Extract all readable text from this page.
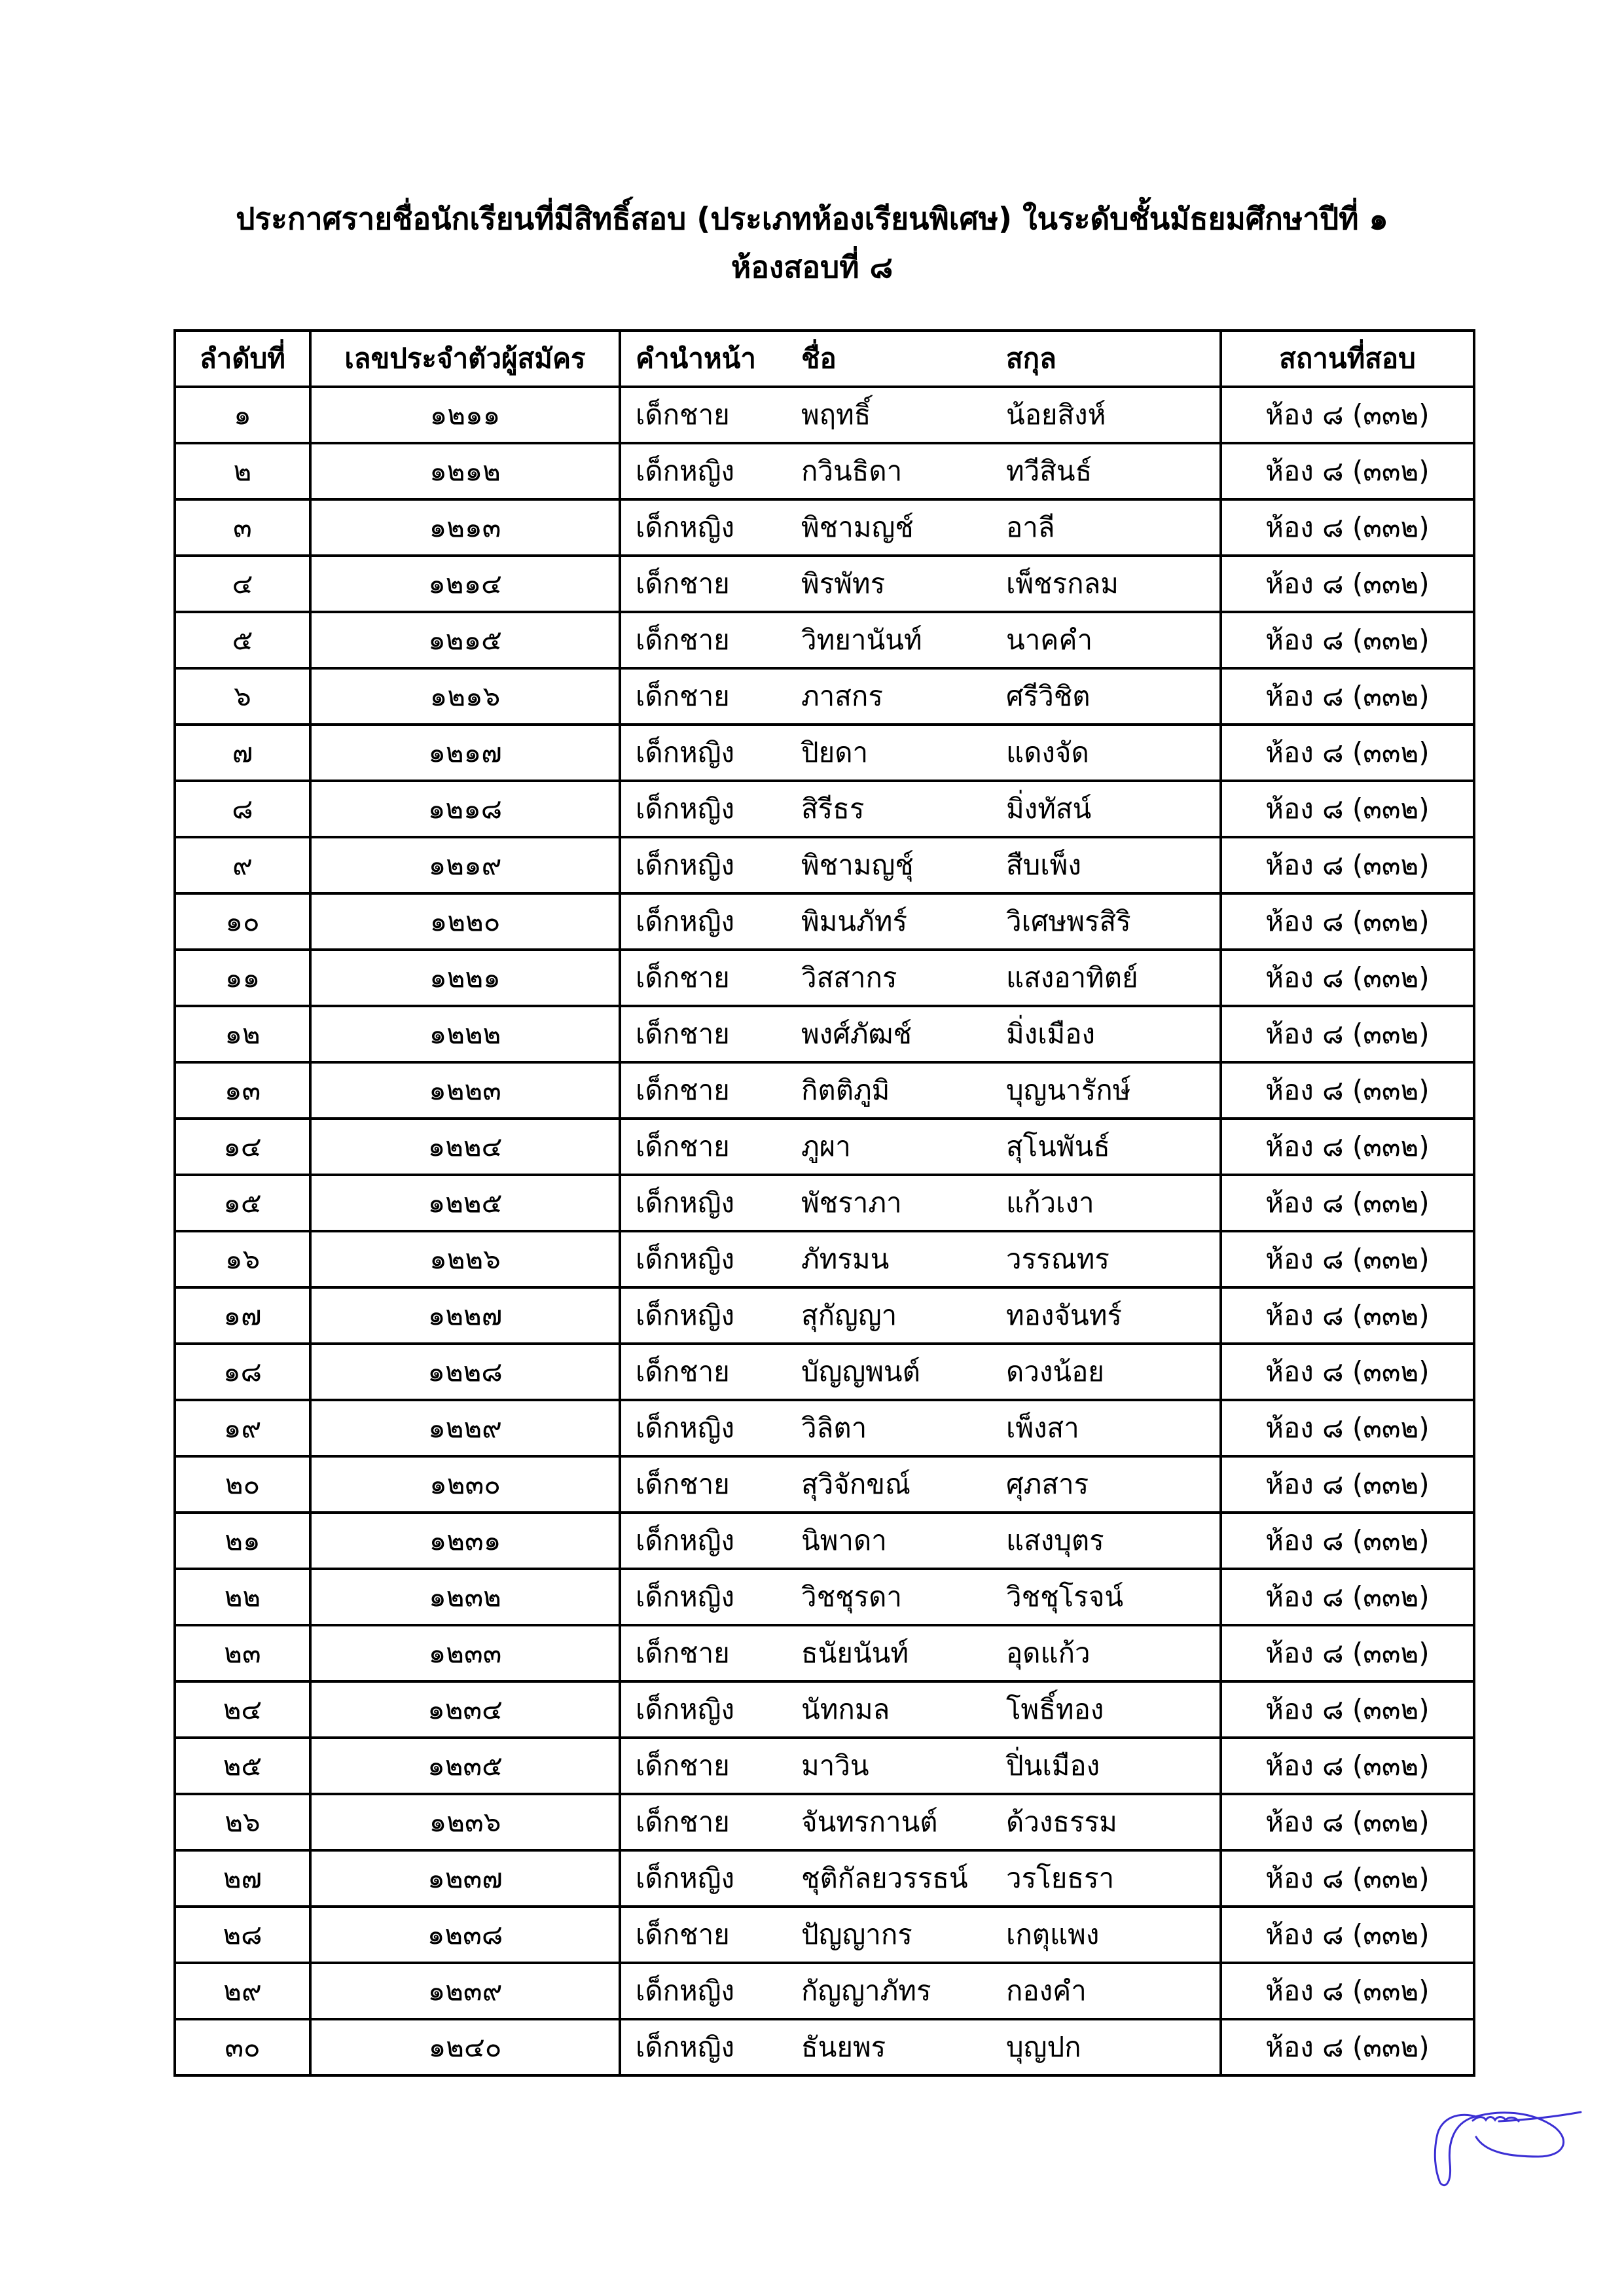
ประกาศรายชื่อนักเรียนที่มีสิทธิ์สอบ (ประเภทห้องเรียนพิเศษ) ในระดับชั้นมัธยมศึกษาปีที่ ๑
ห้องสอบที่ ๘
ลำดับที่	เลขประจำตัวผู้สมัคร	คำนำหน้า ชื่อ สกุล	สถานที่สอบ
๑	๑๒๑๑	เด็กชาย พฤทธิ์ น้อยสิงห์	ห้อง ๘ (๓๓๒)
๒	๑๒๑๒	เด็กหญิง กวินธิดา ทวีสินธ์	ห้อง ๘ (๓๓๒)
๓	๑๒๑๓	เด็กหญิง พิชามญช์ อาลี	ห้อง ๘ (๓๓๒)
๔	๑๒๑๔	เด็กชาย พิรพัทร เพ็ชรกลม	ห้อง ๘ (๓๓๒)
๕	๑๒๑๕	เด็กชาย วิทยานันท์ นาคคำ	ห้อง ๘ (๓๓๒)
๖	๑๒๑๖	เด็กชาย ภาสกร ศรีวิชิต	ห้อง ๘ (๓๓๒)
๗	๑๒๑๗	เด็กหญิง ปิยดา แดงจัด	ห้อง ๘ (๓๓๒)
๘	๑๒๑๘	เด็กหญิง สิรีธร มิ่งทัสน์	ห้อง ๘ (๓๓๒)
๙	๑๒๑๙	เด็กหญิง พิชามญชุ์ สืบเพ็ง	ห้อง ๘ (๓๓๒)
๑๐	๑๒๒๐	เด็กหญิง พิมนภัทร์ วิเศษพรสิริ	ห้อง ๘ (๓๓๒)
๑๑	๑๒๒๑	เด็กชาย วิสสากร แสงอาทิตย์	ห้อง ๘ (๓๓๒)
๑๒	๑๒๒๒	เด็กชาย พงศ์ภัฒช์ มิ่งเมือง	ห้อง ๘ (๓๓๒)
๑๓	๑๒๒๓	เด็กชาย กิตติภูมิ บุญนารักษ์	ห้อง ๘ (๓๓๒)
๑๔	๑๒๒๔	เด็กชาย ภูผา สุโนพันธ์	ห้อง ๘ (๓๓๒)
๑๕	๑๒๒๕	เด็กหญิง พัชราภา แก้วเงา	ห้อง ๘ (๓๓๒)
๑๖	๑๒๒๖	เด็กหญิง ภัทรมน วรรณทร	ห้อง ๘ (๓๓๒)
๑๗	๑๒๒๗	เด็กหญิง สุกัญญา ทองจันทร์	ห้อง ๘ (๓๓๒)
๑๘	๑๒๒๘	เด็กชาย บัญญพนต์ ดวงน้อย	ห้อง ๘ (๓๓๒)
๑๙	๑๒๒๙	เด็กหญิง วิลิตา เพ็งสา	ห้อง ๘ (๓๓๒)
๒๐	๑๒๓๐	เด็กชาย สุวิจักขณ์ ศุภสาร	ห้อง ๘ (๓๓๒)
๒๑	๑๒๓๑	เด็กหญิง นิพาดา แสงบุตร	ห้อง ๘ (๓๓๒)
๒๒	๑๒๓๒	เด็กหญิง วิชชุรดา วิชชุโรจน์	ห้อง ๘ (๓๓๒)
๒๓	๑๒๓๓	เด็กชาย ธนัยนันท์ อุดแก้ว	ห้อง ๘ (๓๓๒)
๒๔	๑๒๓๔	เด็กหญิง นัทกมล โพธิ์ทอง	ห้อง ๘ (๓๓๒)
๒๕	๑๒๓๕	เด็กชาย มาวิน ปิ่นเมือง	ห้อง ๘ (๓๓๒)
๒๖	๑๒๓๖	เด็กชาย จันทรกานต์ ด้วงธรรม	ห้อง ๘ (๓๓๒)
๒๗	๑๒๓๗	เด็กหญิง ชุติกัลยวรรธน์ วรโยธรา	ห้อง ๘ (๓๓๒)
๒๘	๑๒๓๘	เด็กชาย ปัญญากร เกตุแพง	ห้อง ๘ (๓๓๒)
๒๙	๑๒๓๙	เด็กหญิง กัญญาภัทร กองคำ	ห้อง ๘ (๓๓๒)
๓๐	๑๒๔๐	เด็กหญิง ธันยพร บุญปก	ห้อง ๘ (๓๓๒)
